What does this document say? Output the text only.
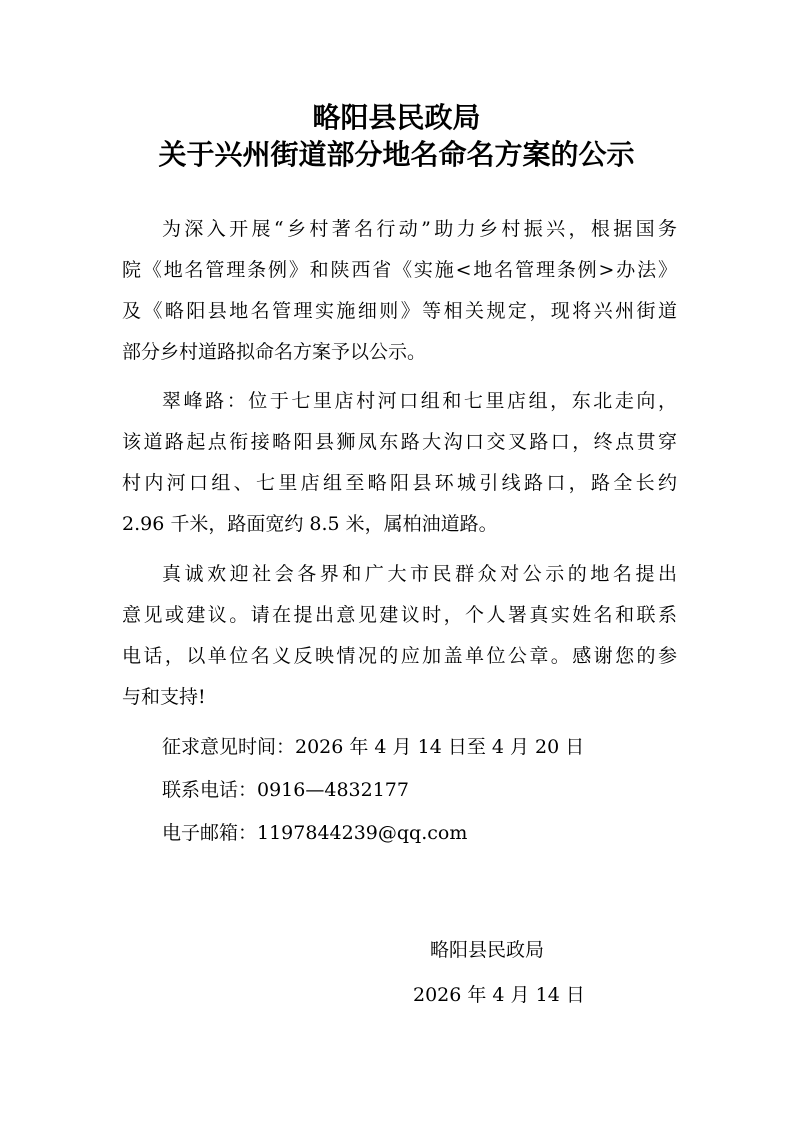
略阳县民政局
关于兴州街道部分地名命名方案的公示
为深入开展“乡村著名行动”助力乡村振兴，根据国务
院《地名管理条例》和陕西省《实施<地名管理条例>办法》
及《略阳县地名管理实施细则》等相关规定，现将兴州街道
部分乡村道路拟命名方案予以公示。
翠峰路：位于七里店村河口组和七里店组，东北走向，
该道路起点衔接略阳县狮凤东路大沟口交叉路口，终点贯穿
村内河口组、七里店组至略阳县环城引线路口，路全长约
2.96 千米，路面宽约 8.5 米，属柏油道路。
真诚欢迎社会各界和广大市民群众对公示的地名提出
意见或建议。请在提出意见建议时，个人署真实姓名和联系
电话，以单位名义反映情况的应加盖单位公章。感谢您的参
与和支持!
征求意见时间：2026 年 4 月 14 日至 4 月 20 日
联系电话：0916—4832177
电子邮箱：1197844239@qq.com
略阳县民政局
2026 年 4 月 14 日
